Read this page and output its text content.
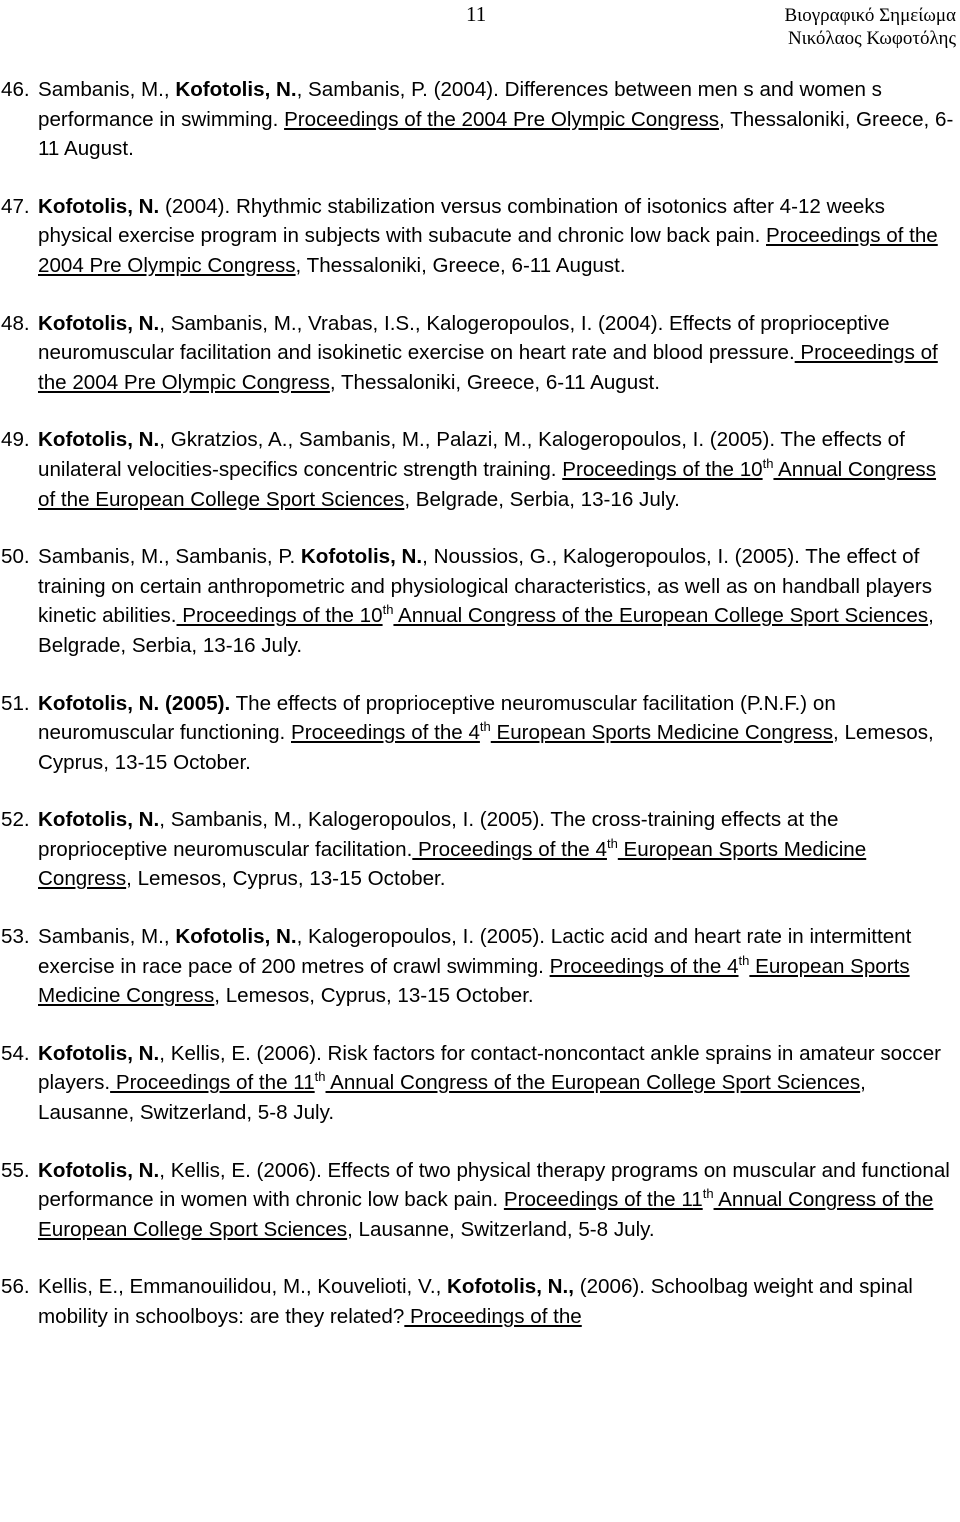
11	Βιογραφικό Σημείωμα
Νικόλαος Κωφοτόλης
46. Sambanis, M., Kofotolis, N., Sambanis, P. (2004). Differences between men s and women s performance in swimming. Proceedings of the 2004 Pre Olympic Congress, Thessaloniki, Greece, 6-11 August.
47. Kofotolis, N. (2004). Rhythmic stabilization versus combination of isotonics after 4-12 weeks physical exercise program in subjects with subacute and chronic low back pain. Proceedings of the 2004 Pre Olympic Congress, Thessaloniki, Greece, 6-11 August.
48. Kofotolis, N., Sambanis, M., Vrabas, I.S., Kalogeropoulos, I. (2004). Effects of proprioceptive neuromuscular facilitation and isokinetic exercise on heart rate and blood pressure. Proceedings of the 2004 Pre Olympic Congress, Thessaloniki, Greece, 6-11 August.
49. Kofotolis, N., Gkratzios, A., Sambanis, M., Palazi, M., Kalogeropoulos, I. (2005). The effects of unilateral velocities-specifics concentric strength training. Proceedings of the 10th Annual Congress of the European College Sport Sciences, Belgrade, Serbia, 13-16 July.
50. Sambanis, M., Sambanis, P. Kofotolis, N., Noussios, G., Kalogeropoulos, I. (2005). The effect of training on certain anthropometric and physiological characteristics, as well as on handball players kinetic abilities. Proceedings of the 10th Annual Congress of the European College Sport Sciences, Belgrade, Serbia, 13-16 July.
51. Kofotolis, N. (2005). The effects of proprioceptive neuromuscular facilitation (P.N.F.) on neuromuscular functioning. Proceedings of the 4th European Sports Medicine Congress, Lemesos, Cyprus, 13-15 October.
52. Kofotolis, N., Sambanis, M., Kalogeropoulos, I. (2005). The cross-training effects at the proprioceptive neuromuscular facilitation. Proceedings of the 4th European Sports Medicine Congress, Lemesos, Cyprus, 13-15 October.
53. Sambanis, M., Kofotolis, N., Kalogeropoulos, I. (2005). Lactic acid and heart rate in intermittent exercise in race pace of 200 metres of crawl swimming. Proceedings of the 4th European Sports Medicine Congress, Lemesos, Cyprus, 13-15 October.
54. Kofotolis, N., Kellis, E. (2006). Risk factors for contact-noncontact ankle sprains in amateur soccer players. Proceedings of the 11th Annual Congress of the European College Sport Sciences, Lausanne, Switzerland, 5-8 July.
55. Kofotolis, N., Kellis, E. (2006). Effects of two physical therapy programs on muscular and functional performance in women with chronic low back pain. Proceedings of the 11th Annual Congress of the European College Sport Sciences, Lausanne, Switzerland, 5-8 July.
56. Kellis, E., Emmanouilidou, M., Kouvelioti, V., Kofotolis, N., (2006). Schoolbag weight and spinal mobility in schoolboys: are they related? Proceedings of the
